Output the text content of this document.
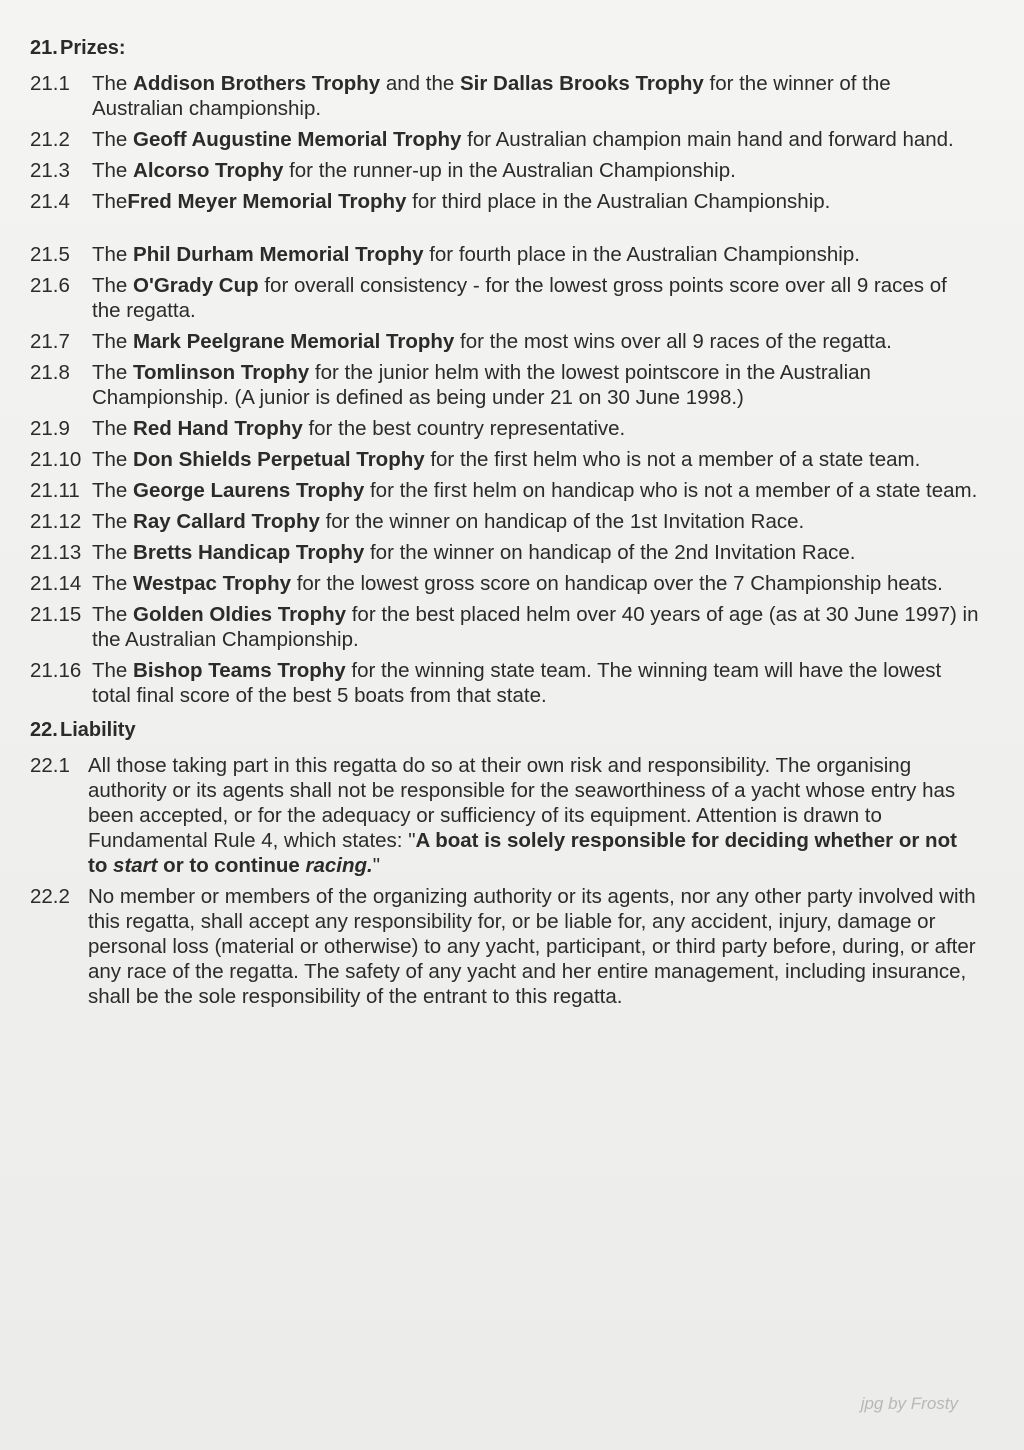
21. Prizes:
21.1	The Addison Brothers Trophy and the Sir Dallas Brooks Trophy for the winner of the Australian championship.
21.2	The Geoff Augustine Memorial Trophy for Australian champion main hand and forward hand.
21.3	The Alcorso Trophy for the runner-up in the Australian Championship.
21.4	TheFred Meyer Memorial Trophy for third place in the Australian Championship.
21.5	The Phil Durham Memorial Trophy for fourth place in the Australian Championship.
21.6	The O'Grady Cup for overall consistency - for the lowest gross points score over all 9 races of the regatta.
21.7	The Mark Peelgrane Memorial Trophy for the most wins over all 9 races of the regatta.
21.8	The Tomlinson Trophy for the junior helm with the lowest pointscore in the Australian Championship. (A junior is defined as being under 21 on 30 June 1998.)
21.9	The Red Hand Trophy for the best country representative.
21.10 The Don Shields Perpetual Trophy for the first helm who is not a member of a state team.
21.11 The George Laurens Trophy for the first helm on handicap who is not a member of a state team.
21.12 The Ray Callard Trophy for the winner on handicap of the 1st Invitation Race.
21.13 The Bretts Handicap Trophy for the winner on handicap of the 2nd Invitation Race.
21.14 The Westpac Trophy for the lowest gross score on handicap over the 7 Championship heats.
21.15 The Golden Oldies Trophy for the best placed helm over 40 years of age (as at 30 June 1997) in the Australian Championship.
21.16 The Bishop Teams Trophy for the winning state team. The winning team will have the lowest total final score of the best 5 boats from that state.
22. Liability
22.1 All those taking part in this regatta do so at their own risk and responsibility. The organising authority or its agents shall not be responsible for the seaworthiness of a yacht whose entry has been accepted, or for the adequacy or sufficiency of its equipment. Attention is drawn to Fundamental Rule 4, which states: "A boat is solely responsible for deciding whether or not to start or to continue racing."
22.2 No member or members of the organizing authority or its agents, nor any other party involved with this regatta, shall accept any responsibility for, or be liable for, any accident, injury, damage or personal loss (material or otherwise) to any yacht, participant, or third party before, during, or after any race of the regatta. The safety of any yacht and her entire management, including insurance, shall be the sole responsibility of the entrant to this regatta.
jpg by Frosty
